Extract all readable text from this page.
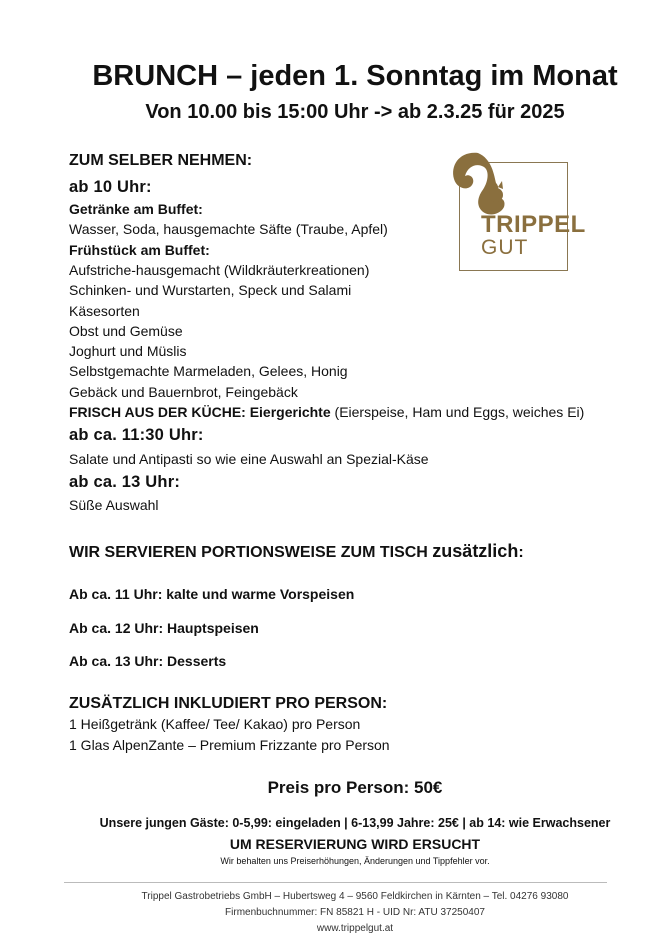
BRUNCH – jeden 1. Sonntag im Monat
Von 10.00 bis 15:00 Uhr -> ab 2.3.25 für 2025
TRIPPEL
GUT
ZUM SELBER NEHMEN:
ab 10 Uhr:
Getränke am Buffet:
Wasser, Soda, hausgemachte Säfte (Traube, Apfel)
Frühstück am Buffet:
Aufstriche-hausgemacht (Wildkräuterkreationen)
Schinken- und Wurstarten, Speck und Salami
Käsesorten
Obst und Gemüse
Joghurt und Müslis
Selbstgemachte Marmeladen, Gelees, Honig
Gebäck und Bauernbrot, Feingebäck
FRISCH AUS DER KÜCHE: Eiergerichte (Eierspeise, Ham und Eggs, weiches Ei)
ab ca. 11:30 Uhr:
Salate und Antipasti so wie eine Auswahl an Spezial-Käse
ab ca. 13 Uhr:
Süße Auswahl
WIR SERVIEREN PORTIONSWEISE ZUM TISCH zusätzlich:
Ab ca. 11 Uhr: kalte und warme Vorspeisen
Ab ca. 12 Uhr: Hauptspeisen
Ab ca. 13 Uhr: Desserts
ZUSÄTZLICH INKLUDIERT PRO PERSON:
1 Heißgetränk (Kaffee/ Tee/ Kakao) pro Person
1 Glas AlpenZante – Premium Frizzante pro Person
Preis pro Person: 50€
Unsere jungen Gäste: 0-5,99: eingeladen | 6-13,99 Jahre: 25€ | ab 14: wie Erwachsener
UM RESERVIERUNG WIRD ERSUCHT
Wir behalten uns Preiserhöhungen, Änderungen und Tippfehler vor.
Trippel Gastrobetriebs GmbH – Hubertsweg 4 – 9560 Feldkirchen in Kärnten – Tel. 04276 93080
Firmenbuchnummer: FN 85821 H - UID Nr: ATU 37250407
www.trippelgut.at
